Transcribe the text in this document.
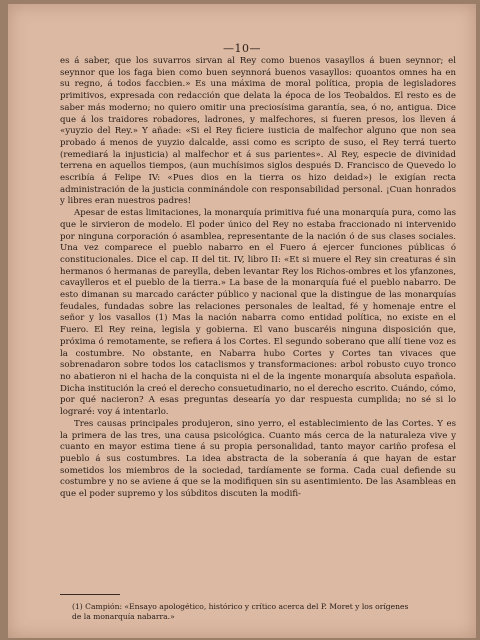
—10—

es á saber, que los suvarros sirvan al Rey como buenos vasayllos á buen seynnor; el seynnor que los faga bien como buen seynnorá buenos vasayllos: quoantos omnes ha en su regno, á todos faccbien.» Es una máxima de moral política, propia de legisladores primitivos, expresada con redacción que delata la época de los Teobaldos. El resto es de saber más moderno; no quiero omitir una preciosísima garantía, sea, ó no, antigua. Dice que á los traidores robadores, ladrones, y malfechores, si fueren presos, los lleven á «yuyzio del Rey.» Y añade: «Si el Rey ficiere iusticia de malfechor alguno que non sea probado á menos de yuyzio dalcalde, assi como es scripto de suso, el Rey terrá tuerto (remediará la injusticia) al malfechor et á sus parientes». Al Rey, especie de divinidad terrena en aquellos tiempos, (aun muchísimos siglos después D. Francisco de Quevedo lo escribía á Felipe IV: «Pues dios en la tierra os hizo deidad») le exigían recta administración de la justicia conminándole con responsabilidad personal. ¡Cuan honrados y libres eran nuestros padres!

Apesar de estas limitaciones, la monarquía primitiva fué una monarquía pura, como las que le sirvieron de modelo. El poder único del Rey no estaba fraccionado ni intervenido por ninguna corporación ó asamblea, representante de la nación ó de sus clases sociales. Una vez comparece el pueblo nabarro en el Fuero á ejercer funciones públicas ó constitucionales. Dice el cap. II del tit. IV, libro II: «Et si muere el Rey sin creaturas é sin hermanos ó hermanas de pareylla, deben levantar Rey los Richos-ombres et los yfanzones, cavaylleros et el pueblo de la tierra.» La base de la monarquía fué el pueblo nabarro. De esto dimanan su marcado carácter público y nacional que la distingue de las monarquías feudales, fundadas sobre las relaciones personales de lealtad, fé y homenaje entre el señor y los vasallos (1) Mas la nación nabarra como entidad política, no existe en el Fuero. El Rey reina, legisla y gobierna. El vano buscaréis ninguna disposición que, próxima ó remotamente, se refiera á los Cortes. El segundo soberano que allí tiene voz es la costumbre. No obstante, en Nabarra hubo Cortes y Cortes tan vivaces que sobrenadaron sobre todos los cataclismos y transformaciones: arbol robusto cuyo tronco no abatieron ni el hacha de la conquista ni el de la ingente monarquía absoluta española. Dicha institución la creó el derecho consuetudinario, no el derecho escrito. Cuándo, cómo, por qué nacieron? A esas preguntas desearía yo dar respuesta cumplida; no sé si lo lograré: voy á intentarlo.

Tres causas principales produjeron, sino yerro, el establecimiento de las Cortes. Y es la primera de las tres, una causa psicológica. Cuanto más cerca de la naturaleza vive y cuanto en mayor estima tiene á su propia personalidad, tanto mayor cariño profesa el pueblo á sus costumbres. La idea abstracta de la soberanía á que hayan de estar sometidos los miembros de la sociedad, tardíamente se forma. Cada cual defiende su costumbre y no se aviene á que se la modifiquen sin su asentimiento. De las Asambleas en que el poder supremo y los súbditos discuten la modifi-

(1) Campión: «Ensayo apologético, histórico y crítico acerca del P. Moret y los orígenes
de la monarquía nabarra.»
